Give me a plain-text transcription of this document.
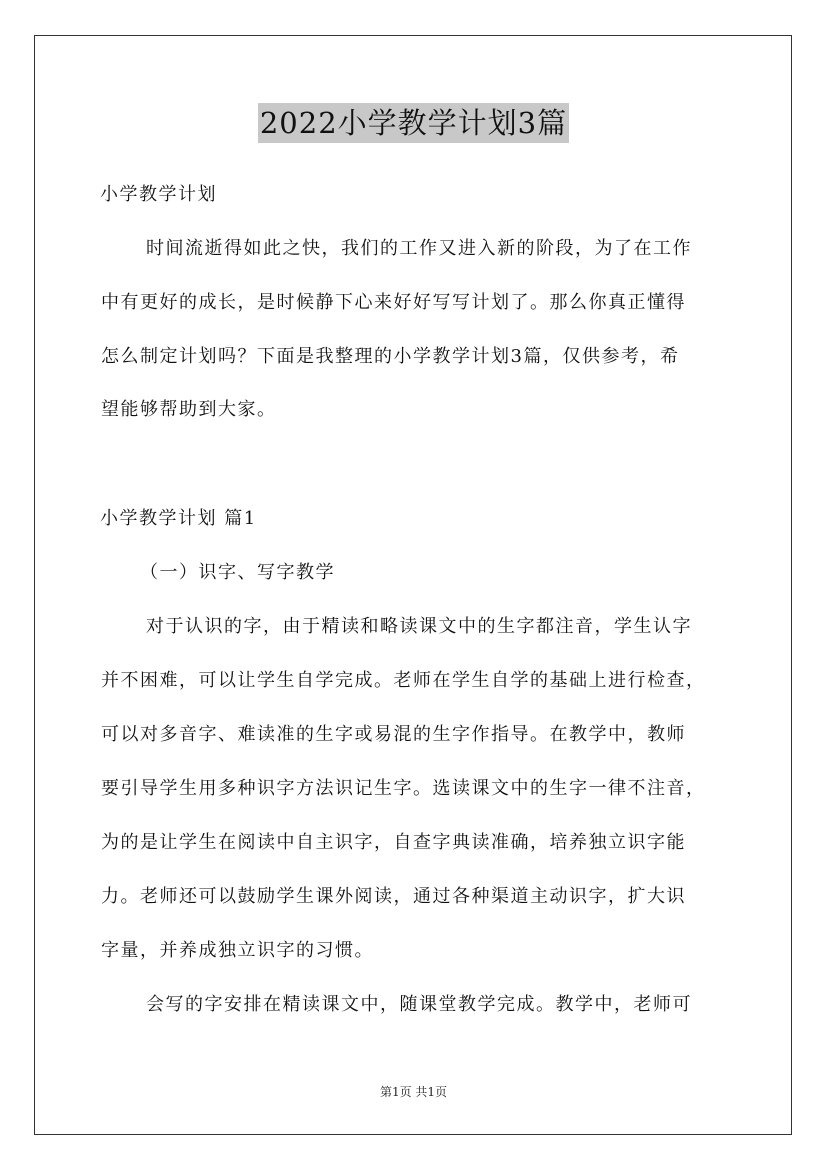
2022小学教学计划3篇
小学教学计划
时间流逝得如此之快，我们的工作又进入新的阶段，为了在工作
中有更好的成长，是时候静下心来好好写写计划了。那么你真正懂得
怎么制定计划吗？下面是我整理的小学教学计划3篇，仅供参考，希
望能够帮助到大家。
小学教学计划 篇1
（一）识字、写字教学
对于认识的字，由于精读和略读课文中的生字都注音，学生认字
并不困难，可以让学生自学完成。老师在学生自学的基础上进行检查，
可以对多音字、难读准的生字或易混的生字作指导。在教学中，教师
要引导学生用多种识字方法识记生字。选读课文中的生字一律不注音，
为的是让学生在阅读中自主识字，自查字典读准确，培养独立识字能
力。老师还可以鼓励学生课外阅读，通过各种渠道主动识字，扩大识
字量，并养成独立识字的习惯。
会写的字安排在精读课文中，随课堂教学完成。教学中，老师可
第1页 共1页
